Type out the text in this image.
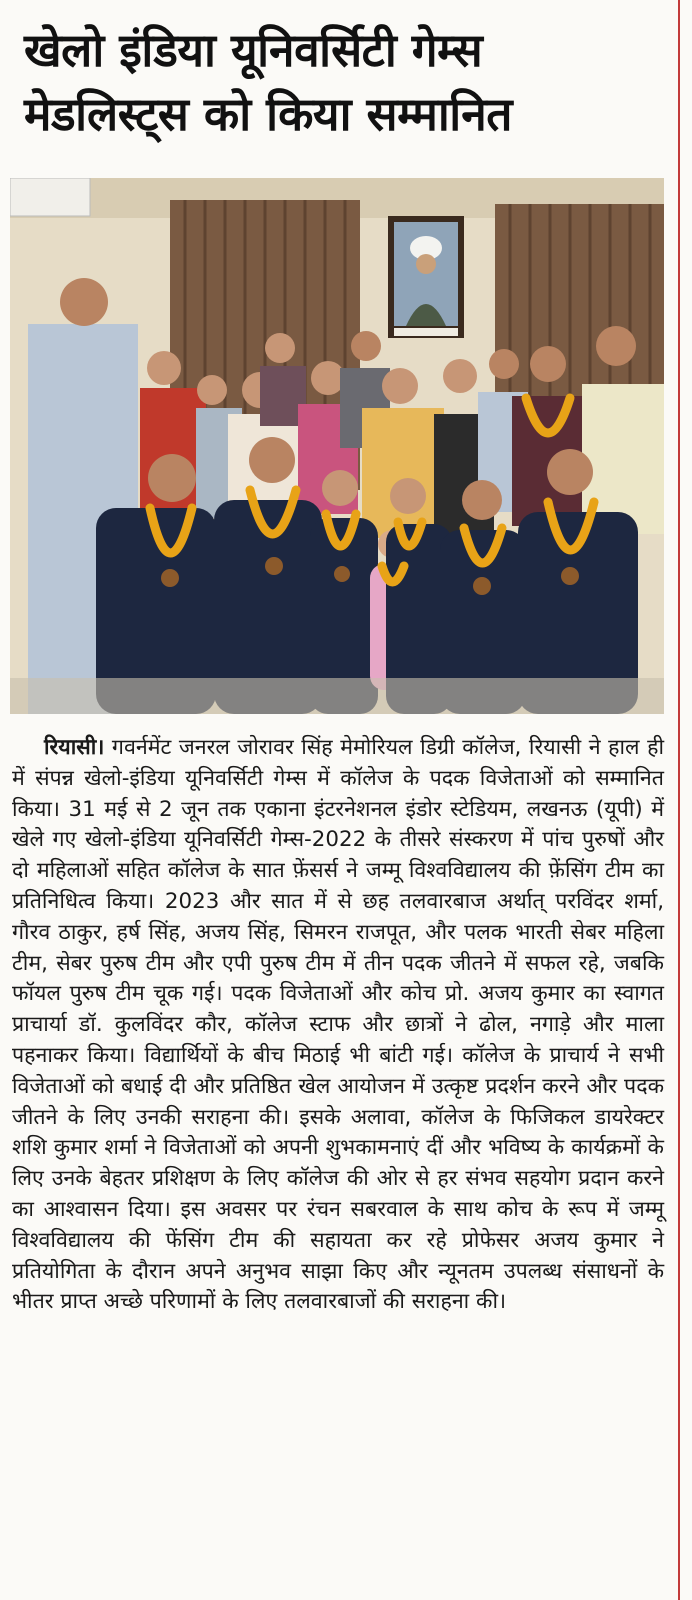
खेलो इंडिया यूनिवर्सिटी गेम्स
मेडलिस्ट्स को किया सम्मानित
रियासी। गवर्नमेंट जनरल जोरावर सिंह मेमोरियल डिग्री कॉलेज, रियासी ने हाल ही में संपन्न खेलो-इंडिया यूनिवर्सिटी गेम्स में कॉलेज के पदक विजेताओं को सम्मानित किया। 31 मई से 2 जून तक एकाना इंटरनेशनल इंडोर स्टेडियम, लखनऊ (यूपी) में खेले गए खेलो-इंडिया यूनिवर्सिटी गेम्स-2022 के तीसरे संस्करण में पांच पुरुषों और दो महिलाओं सहित कॉलेज के सात फ़ेंसर्स ने जम्मू विश्वविद्यालय की फ़ेंसिंग टीम का प्रतिनिधित्व किया। 2023 और सात में से छह तलवारबाज अर्थात् परविंदर शर्मा, गौरव ठाकुर, हर्ष सिंह, अजय सिंह, सिमरन राजपूत, और पलक भारती सेबर महिला टीम, सेबर पुरुष टीम और एपी पुरुष टीम में तीन पदक जीतने में सफल रहे, जबकि फॉयल पुरुष टीम चूक गई। पदक विजेताओं और कोच प्रो. अजय कुमार का स्वागत प्राचार्या डॉ. कुलविंदर कौर, कॉलेज स्टाफ और छात्रों ने ढोल, नगाड़े और माला पहनाकर किया। विद्यार्थियों के बीच मिठाई भी बांटी गई। कॉलेज के प्राचार्य ने सभी विजेताओं को बधाई दी और प्रतिष्ठित खेल आयोजन में उत्कृष्ट प्रदर्शन करने और पदक जीतने के लिए उनकी सराहना की। इसके अलावा, कॉलेज के फिजिकल डायरेक्टर शशि कुमार शर्मा ने विजेताओं को अपनी शुभकामनाएं दीं और भविष्य के कार्यक्रमों के लिए उनके बेहतर प्रशिक्षण के लिए कॉलेज की ओर से हर संभव सहयोग प्रदान करने का आश्वासन दिया। इस अवसर पर रंचन सबरवाल के साथ कोच के रूप में जम्मू विश्वविद्यालय की फेंसिंग टीम की सहायता कर रहे प्रोफेसर अजय कुमार ने प्रतियोगिता के दौरान अपने अनुभव साझा किए और न्यूनतम उपलब्ध संसाधनों के भीतर प्राप्त अच्छे परिणामों के लिए तलवारबाजों की सराहना की।
